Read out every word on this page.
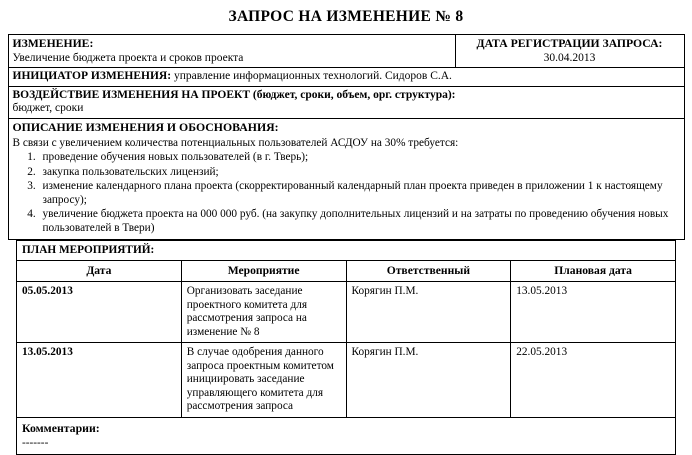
ЗАПРОС НА ИЗМЕНЕНИЕ № 8
ИЗМЕНЕНИЕ:
Увеличение бюджета проекта и сроков проекта

ДАТА РЕГИСТРАЦИИ ЗАПРОСА:
30.04.2013

ИНИЦИАТОР ИЗМЕНЕНИЯ: управление информационных технологий. Сидоров С.А.

ВОЗДЕЙСТВИЕ ИЗМЕНЕНИЯ НА ПРОЕКТ (бюджет, сроки, объем, орг. структура):
бюджет, сроки

ОПИСАНИЕ ИЗМЕНЕНИЯ И ОБОСНОВАНИЯ:
В связи с увеличением количества потенциальных пользователей АСДОУ на 30% требуется:
1. проведение обучения новых пользователей (в г. Тверь);
2. закупка пользовательских лицензий;
3. изменение календарного плана проекта (скорректированный календарный план проекта приведен в приложении 1 к настоящему запросу);
4. увеличение бюджета проекта на 000 000 руб. (на закупку дополнительных лицензий и на затраты по проведению обучения новых пользователей в Твери)
ПЛАН МЕРОПРИЯТИЙ:			
Дата	Мероприятие	Ответственный	Плановая дата
05.05.2013	Организовать заседание проектного комитета для рассмотрения запроса на изменение № 8	Корягин П.М.	13.05.2013
13.05.2013	В случае одобрения данного запроса проектным комитетом инициировать заседание управляющего комитета для рассмотрения запроса	Корягин П.М.	22.05.2013

Комментарии:
-------			
